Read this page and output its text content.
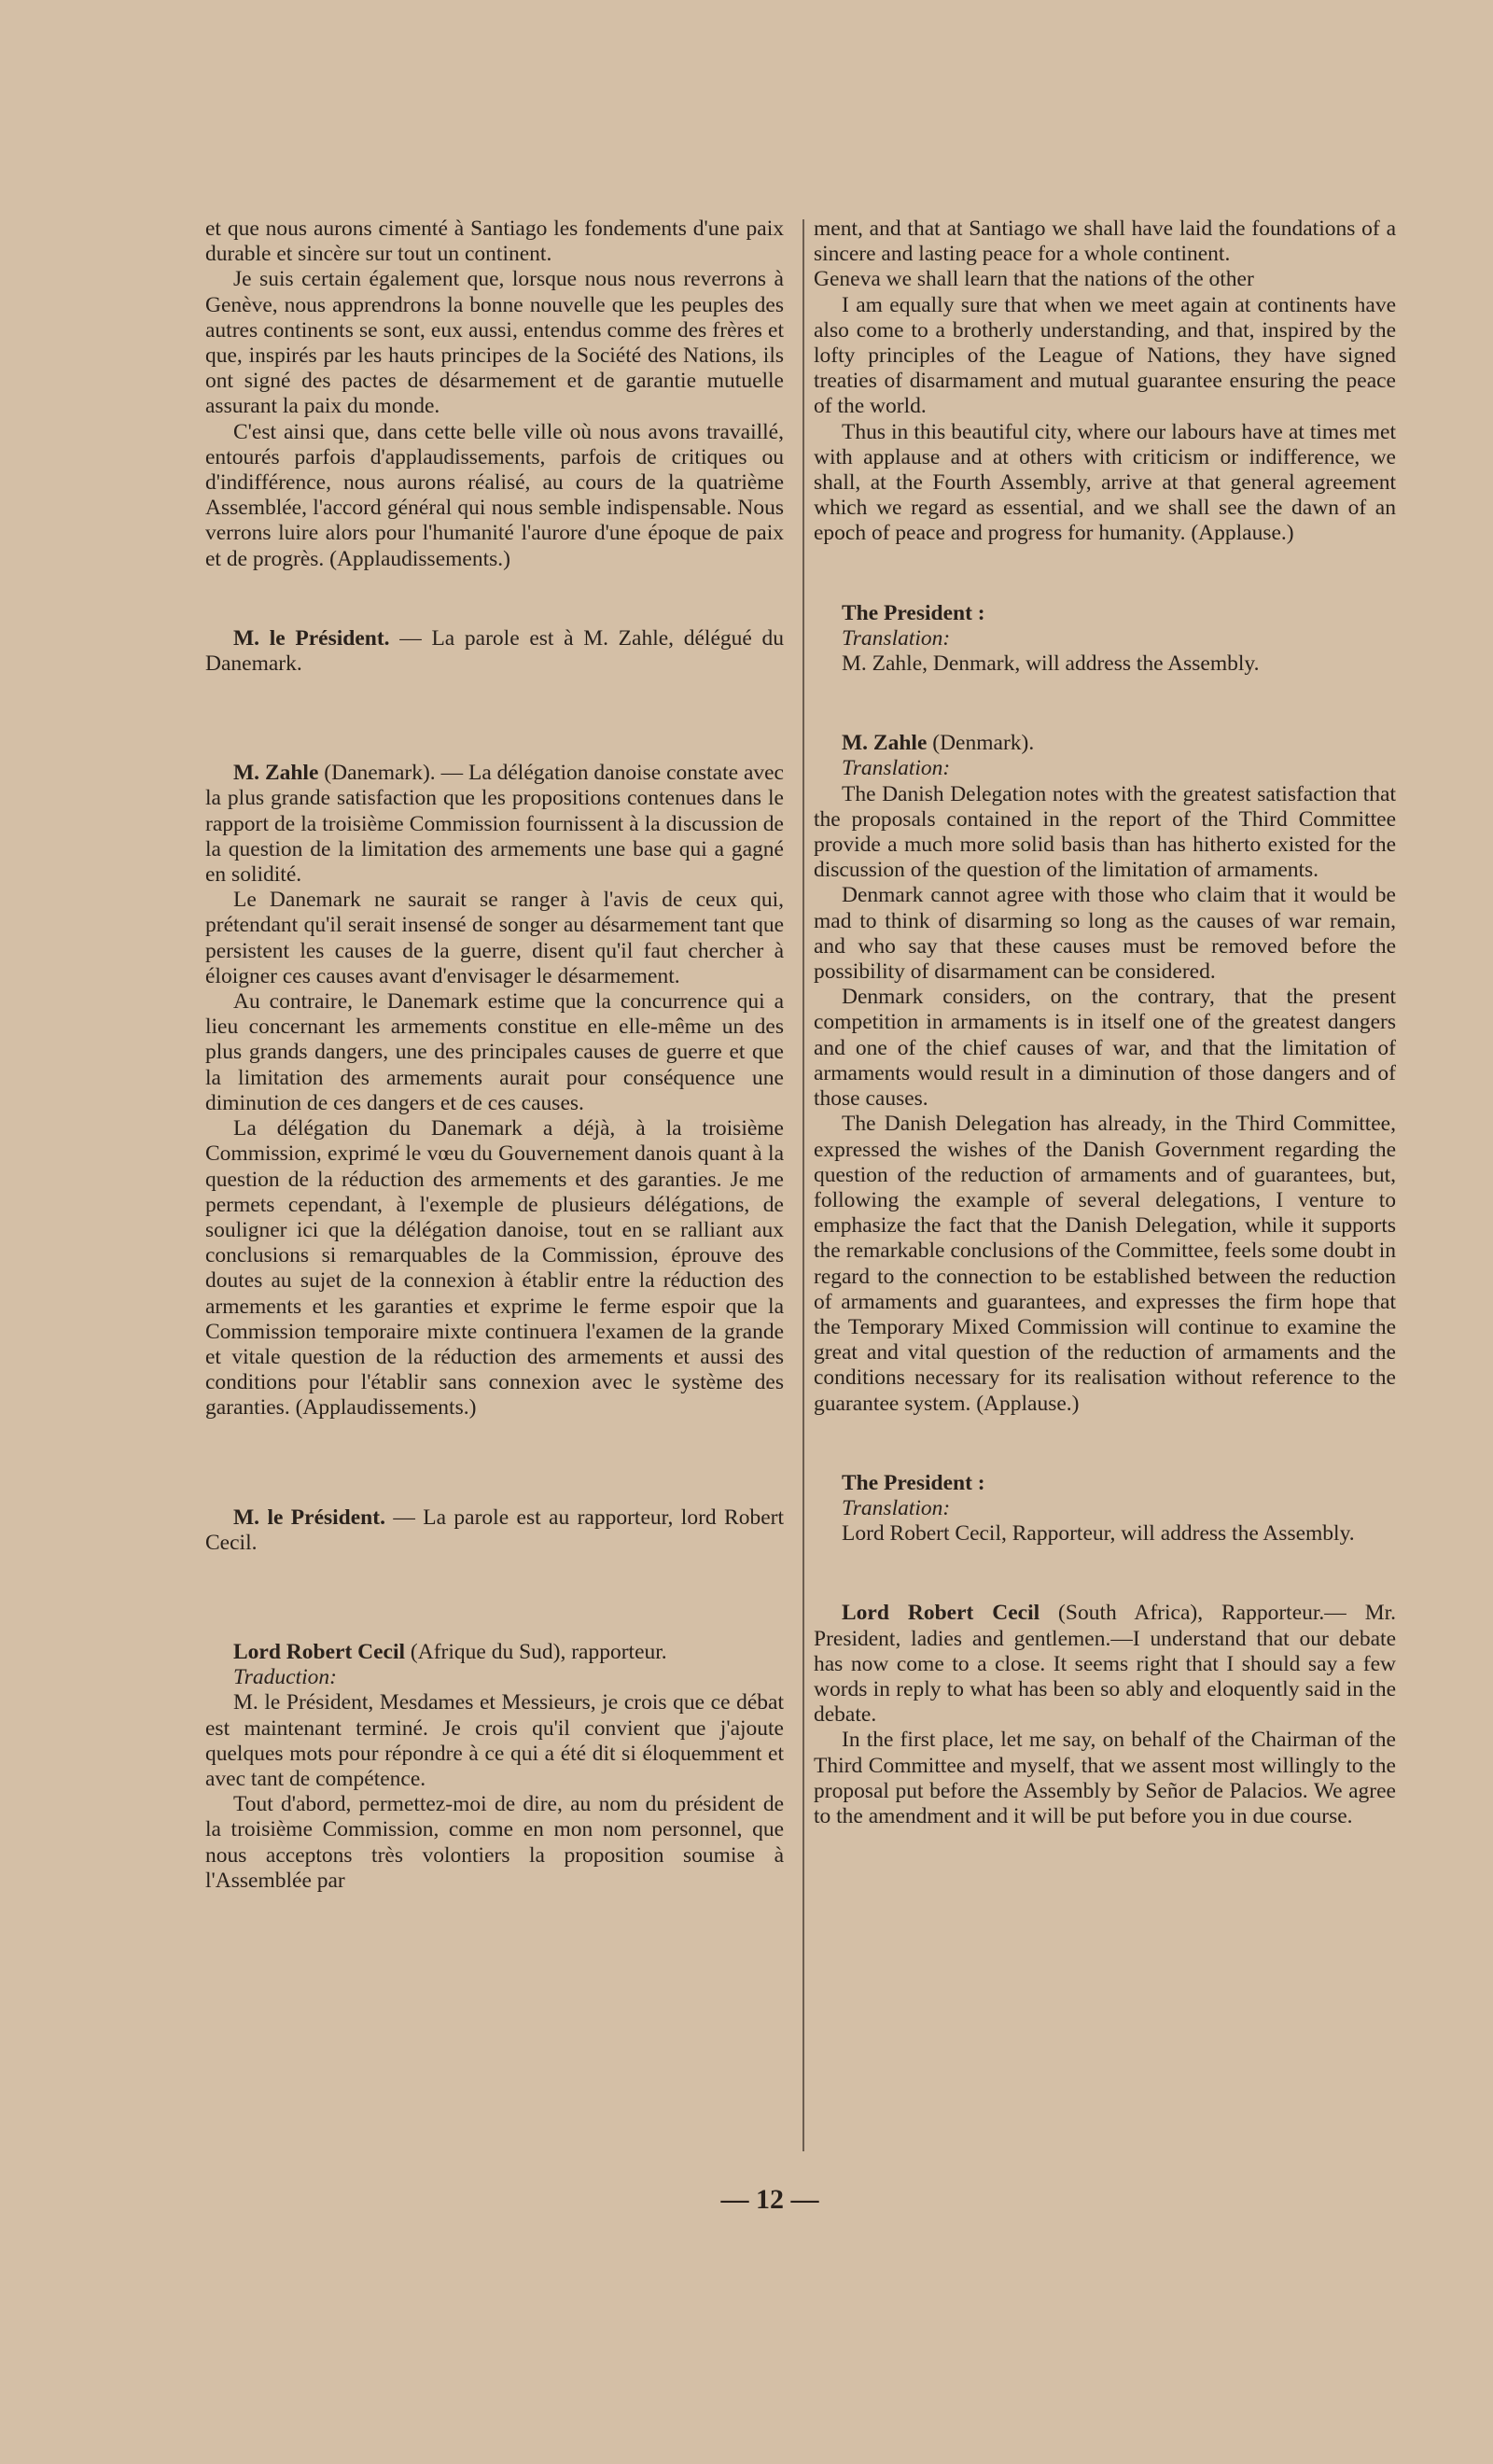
et que nous aurons cimenté à Santiago les fondements d'une paix durable et sincère sur tout un continent.

Je suis certain également que, lorsque nous nous reverrons à Genève, nous apprendrons la bonne nouvelle que les peuples des autres continents se sont, eux aussi, entendus comme des frères et que, inspirés par les hauts principes de la Société des Nations, ils ont signé des pactes de désarmement et de garantie mutuelle assurant la paix du monde.

C'est ainsi que, dans cette belle ville où nous avons travaillé, entourés parfois d'applaudissements, parfois de critiques ou d'indifférence, nous aurons réalisé, au cours de la quatrième Assemblée, l'accord général qui nous semble indispensable. Nous verrons luire alors pour l'humanité l'aurore d'une époque de paix et de progrès. (Applaudissements.)

M. le Président. — La parole est à M. Zahle, délégué du Danemark.

M. Zahle (Danemark). — La délégation danoise constate avec la plus grande satisfaction que les propositions contenues dans le rapport de la troisième Commission fournissent à la discussion de la question de la limitation des armements une base qui a gagné en solidité.

Le Danemark ne saurait se ranger à l'avis de ceux qui, prétendant qu'il serait insensé de songer au désarmement tant que persistent les causes de la guerre, disent qu'il faut chercher à éloigner ces causes avant d'envisager le désarmement.

Au contraire, le Danemark estime que la concurrence qui a lieu concernant les armements constitue en elle-même un des plus grands dangers, une des principales causes de guerre et que la limitation des armements aurait pour conséquence une diminution de ces dangers et de ces causes.

La délégation du Danemark a déjà, à la troisième Commission, exprimé le vœu du Gouvernement danois quant à la question de la réduction des armements et des garanties. Je me permets cependant, à l'exemple de plusieurs délégations, de souligner ici que la délégation danoise, tout en se ralliant aux conclusions si remarquables de la Commission, éprouve des doutes au sujet de la connexion à établir entre la réduction des armements et les garanties et exprime le ferme espoir que la Commission temporaire mixte continuera l'examen de la grande et vitale question de la réduction des armements et aussi des conditions pour l'établir sans connexion avec le système des garanties. (Applaudissements.)

M. le Président. — La parole est au rapporteur, lord Robert Cecil.

Lord Robert Cecil (Afrique du Sud), rapporteur.

Traduction:

M. le Président, Mesdames et Messieurs, je crois que ce débat est maintenant terminé. Je crois qu'il convient que j'ajoute quelques mots pour répondre à ce qui a été dit si éloquemment et avec tant de compétence.

Tout d'abord, permettez-moi de dire, au nom du président de la troisième Commission, comme en mon nom personnel, que nous acceptons très volontiers la proposition soumise à l'Assemblée par

ment, and that at Santiago we shall have laid the foundations of a sincere and lasting peace for a whole continent.

Geneva we shall learn that the nations of the other

I am equally sure that when we meet again at continents have also come to a brotherly understanding, and that, inspired by the lofty principles of the League of Nations, they have signed treaties of disarmament and mutual guarantee ensuring the peace of the world.

Thus in this beautiful city, where our labours have at times met with applause and at others with criticism or indifference, we shall, at the Fourth Assembly, arrive at that general agreement which we regard as essential, and we shall see the dawn of an epoch of peace and progress for humanity. (Applause.)

The President :

Translation:

M. Zahle, Denmark, will address the Assembly.

M. Zahle (Denmark).

Translation:

The Danish Delegation notes with the greatest satisfaction that the proposals contained in the report of the Third Committee provide a much more solid basis than has hitherto existed for the discussion of the question of the limitation of armaments.

Denmark cannot agree with those who claim that it would be mad to think of disarming so long as the causes of war remain, and who say that these causes must be removed before the possibility of disarmament can be considered.

Denmark considers, on the contrary, that the present competition in armaments is in itself one of the greatest dangers and one of the chief causes of war, and that the limitation of armaments would result in a diminution of those dangers and of those causes.

The Danish Delegation has already, in the Third Committee, expressed the wishes of the Danish Government regarding the question of the reduction of armaments and of guarantees, but, following the example of several delegations, I venture to emphasize the fact that the Danish Delegation, while it supports the remarkable conclusions of the Committee, feels some doubt in regard to the connection to be established between the reduction of armaments and guarantees, and expresses the firm hope that the Temporary Mixed Commission will continue to examine the great and vital question of the reduction of armaments and the conditions necessary for its realisation without reference to the guarantee system. (Applause.)

The President :

Translation:

Lord Robert Cecil, Rapporteur, will address the Assembly.

Lord Robert Cecil (South Africa), Rapporteur.— Mr. President, ladies and gentlemen.—I understand that our debate has now come to a close. It seems right that I should say a few words in reply to what has been so ably and eloquently said in the debate.

In the first place, let me say, on behalf of the Chairman of the Third Committee and myself, that we assent most willingly to the proposal put before the Assembly by Señor de Palacios. We agree to the amendment and it will be put before you in due course.

— 12 —
